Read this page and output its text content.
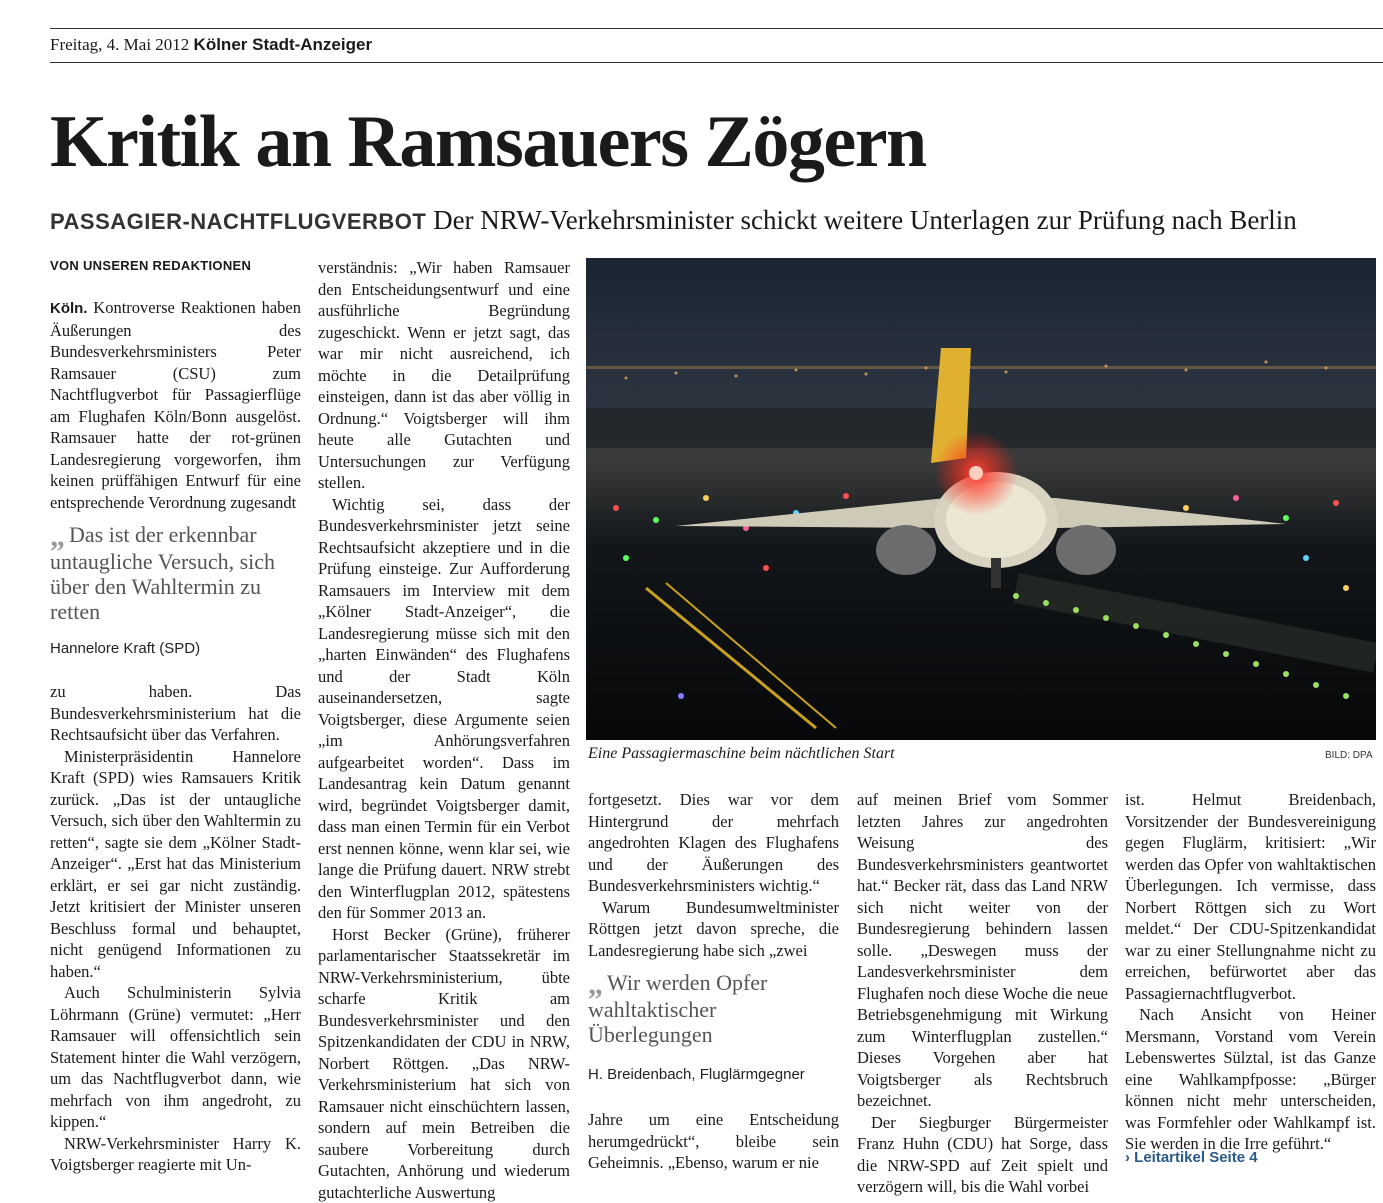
Freitag, 4. Mai 2012 Kölner Stadt-Anzeiger
Kritik an Ramsauers Zögern
PASSAGIER-NACHTFLUGVERBOT Der NRW-Verkehrsminister schickt weitere Unterlagen zur Prüfung nach Berlin
VON UNSEREN REDAKTIONEN

Köln. Kontroverse Reaktionen haben Äußerungen des Bundesverkehrsministers Peter Ramsauer (CSU) zum Nachtflugverbot für Passagierflüge am Flughafen Köln/Bonn ausgelöst. Ramsauer hatte der rot-grünen Landesregierung vorgeworfen, ihm keinen prüffähigen Entwurf für eine entsprechende Verordnung zugesandt

„ Das ist der erkennbar untaugliche Versuch, sich über den Wahltermin zu retten
Hannelore Kraft (SPD)

zu haben. Das Bundesverkehrsministerium hat die Rechtsaufsicht über das Verfahren.

Ministerpräsidentin Hannelore Kraft (SPD) wies Ramsauers Kritik zurück. „Das ist der untaugliche Versuch, sich über den Wahltermin zu retten“, sagte sie dem „Kölner Stadt-Anzeiger“. „Erst hat das Ministerium erklärt, er sei gar nicht zuständig. Jetzt kritisiert der Minister unseren Beschluss formal und behauptet, nicht genügend Informationen zu haben.“

Auch Schulministerin Sylvia Löhrmann (Grüne) vermutet: „Herr Ramsauer will offensichtlich sein Statement hinter die Wahl verzögern, um das Nachtflugverbot dann, wie mehrfach von ihm angedroht, zu kippen.“

NRW-Verkehrsminister Harry K. Voigtsberger reagierte mit Un-

verständnis: „Wir haben Ramsauer den Entscheidungsentwurf und eine ausführliche Begründung zugeschickt. Wenn er jetzt sagt, das war mir nicht ausreichend, ich möchte in die Detailprüfung einsteigen, dann ist das aber völlig in Ordnung.“ Voigtsberger will ihm heute alle Gutachten und Untersuchungen zur Verfügung stellen.

Wichtig sei, dass der Bundesverkehrsminister jetzt seine Rechtsaufsicht akzeptiere und in die Prüfung einsteige. Zur Aufforderung Ramsauers im Interview mit dem „Kölner Stadt-Anzeiger“, die Landesregierung müsse sich mit den „harten Einwänden“ des Flughafens und der Stadt Köln auseinandersetzen, sagte Voigtsberger, diese Argumente seien „im Anhörungsverfahren aufgearbeitet worden“. Dass im Landesantrag kein Datum genannt wird, begründet Voigtsberger damit, dass man einen Termin für ein Verbot erst nennen könne, wenn klar sei, wie lange die Prüfung dauert. NRW strebt den Winterflugplan 2012, spätestens den für Sommer 2013 an.

Horst Becker (Grüne), früherer parlamentarischer Staatssekretär im NRW-Verkehrsministerium, übte scharfe Kritik am Bundesverkehrsminister und den Spitzenkandidaten der CDU in NRW, Norbert Röttgen. „Das NRW-Verkehrsministerium hat sich von Ramsauer nicht einschüchtern lassen, sondern auf mein Betreiben die saubere Vorbereitung durch Gutachten, Anhörung und wiederum gutachterliche Auswertung

Eine Passagiermaschine beim nächtlichen Start	BILD: DPA

fortgesetzt. Dies war vor dem Hintergrund der mehrfach angedrohten Klagen des Flughafens und der Äußerungen des Bundesverkehrsministers wichtig.“

Warum Bundesumweltminister Röttgen jetzt davon spreche, die Landesregierung habe sich „zwei

„ Wir werden Opfer wahltaktischer Überlegungen
H. Breidenbach, Fluglärmgegner

Jahre um eine Entscheidung herumgedrückt“, bleibe sein Geheimnis. „Ebenso, warum er nie

auf meinen Brief vom Sommer letzten Jahres zur angedrohten Weisung des Bundesverkehrsministers geantwortet hat.“ Becker rät, dass das Land NRW sich nicht weiter von der Bundesregierung behindern lassen solle. „Deswegen muss der Landesverkehrsminister dem Flughafen noch diese Woche die neue Betriebsgenehmigung mit Wirkung zum Winterflugplan zustellen.“ Dieses Vorgehen aber hat Voigtsberger als Rechtsbruch bezeichnet.

Der Siegburger Bürgermeister Franz Huhn (CDU) hat Sorge, dass die NRW-SPD auf Zeit spielt und verzögern will, bis die Wahl vorbei

ist. Helmut Breidenbach, Vorsitzender der Bundesvereinigung gegen Fluglärm, kritisiert: „Wir werden das Opfer von wahltaktischen Überlegungen. Ich vermisse, dass Norbert Röttgen sich zu Wort meldet.“ Der CDU-Spitzenkandidat war zu einer Stellungnahme nicht zu erreichen, befürwortet aber das Passagiernachtflugverbot.

Nach Ansicht von Heiner Mersmann, Vorstand vom Verein Lebenswertes Sülztal, ist das Ganze eine Wahlkampfposse: „Bürger können nicht mehr unterscheiden, was Formfehler oder Wahlkampf ist. Sie werden in die Irre geführt.“

› Leitartikel Seite 4
